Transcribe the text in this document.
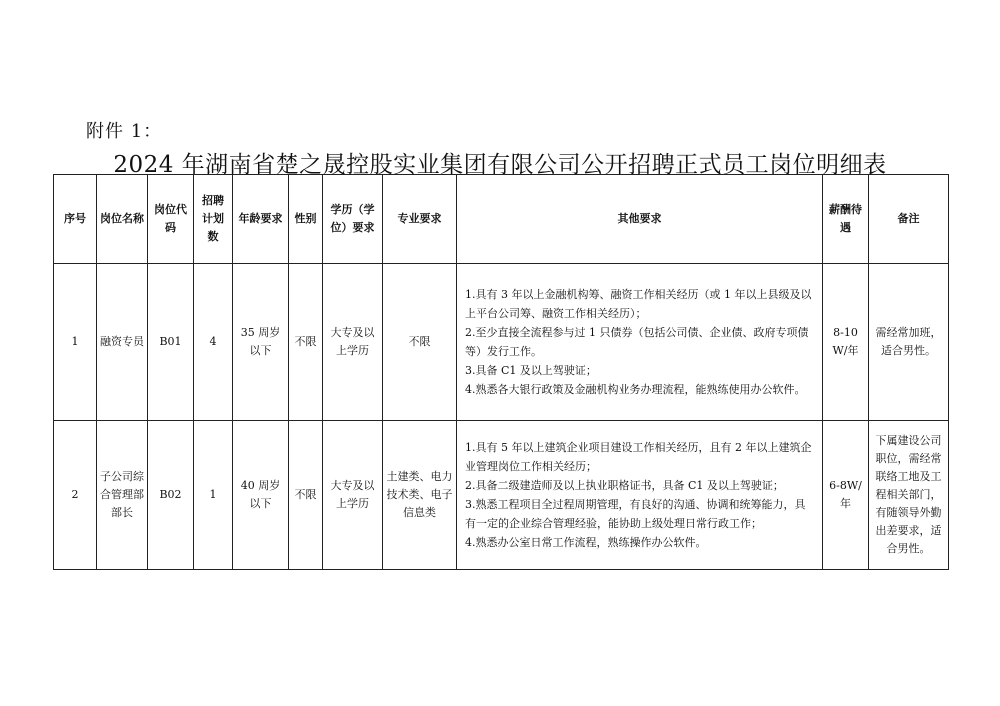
附件 1：
2024 年湖南省楚之晟控股实业集团有限公司公开招聘正式员工岗位明细表
序号	岗位名称	岗位代码	招聘计划数	年龄要求	性别	学历（学位）要求	专业要求	其他要求	薪酬待遇	备注
1	融资专员	B01	4	35 周岁以下	不限	大专及以上学历	不限	1.具有 3 年以上金融机构筹、融资工作相关经历（或 1 年以上县级及以上平台公司筹、融资工作相关经历）；
2.至少直接全流程参与过 1 只债券（包括公司债、企业债、政府专项债等）发行工作。
3.具备 C1 及以上驾驶证；
4.熟悉各大银行政策及金融机构业务办理流程，能熟练使用办公软件。	8-10W/年	需经常加班，适合男性。
2	子公司综合管理部部长	B02	1	40 周岁以下	不限	大专及以上学历	土建类、电力技术类、电子信息类	1.具有 5 年以上建筑企业项目建设工作相关经历，且有 2 年以上建筑企业管理岗位工作相关经历；
2.具备二级建造师及以上执业职格证书，具备 C1 及以上驾驶证；
3.熟悉工程项目全过程周期管理，有良好的沟通、协调和统筹能力，具有一定的企业综合管理经验，能协助上级处理日常行政工作；
4.熟悉办公室日常工作流程，熟练操作办公软件。	6-8W/年	下属建设公司职位，需经常联络工地及工程相关部门，有随领导外勤出差要求，适合男性。
